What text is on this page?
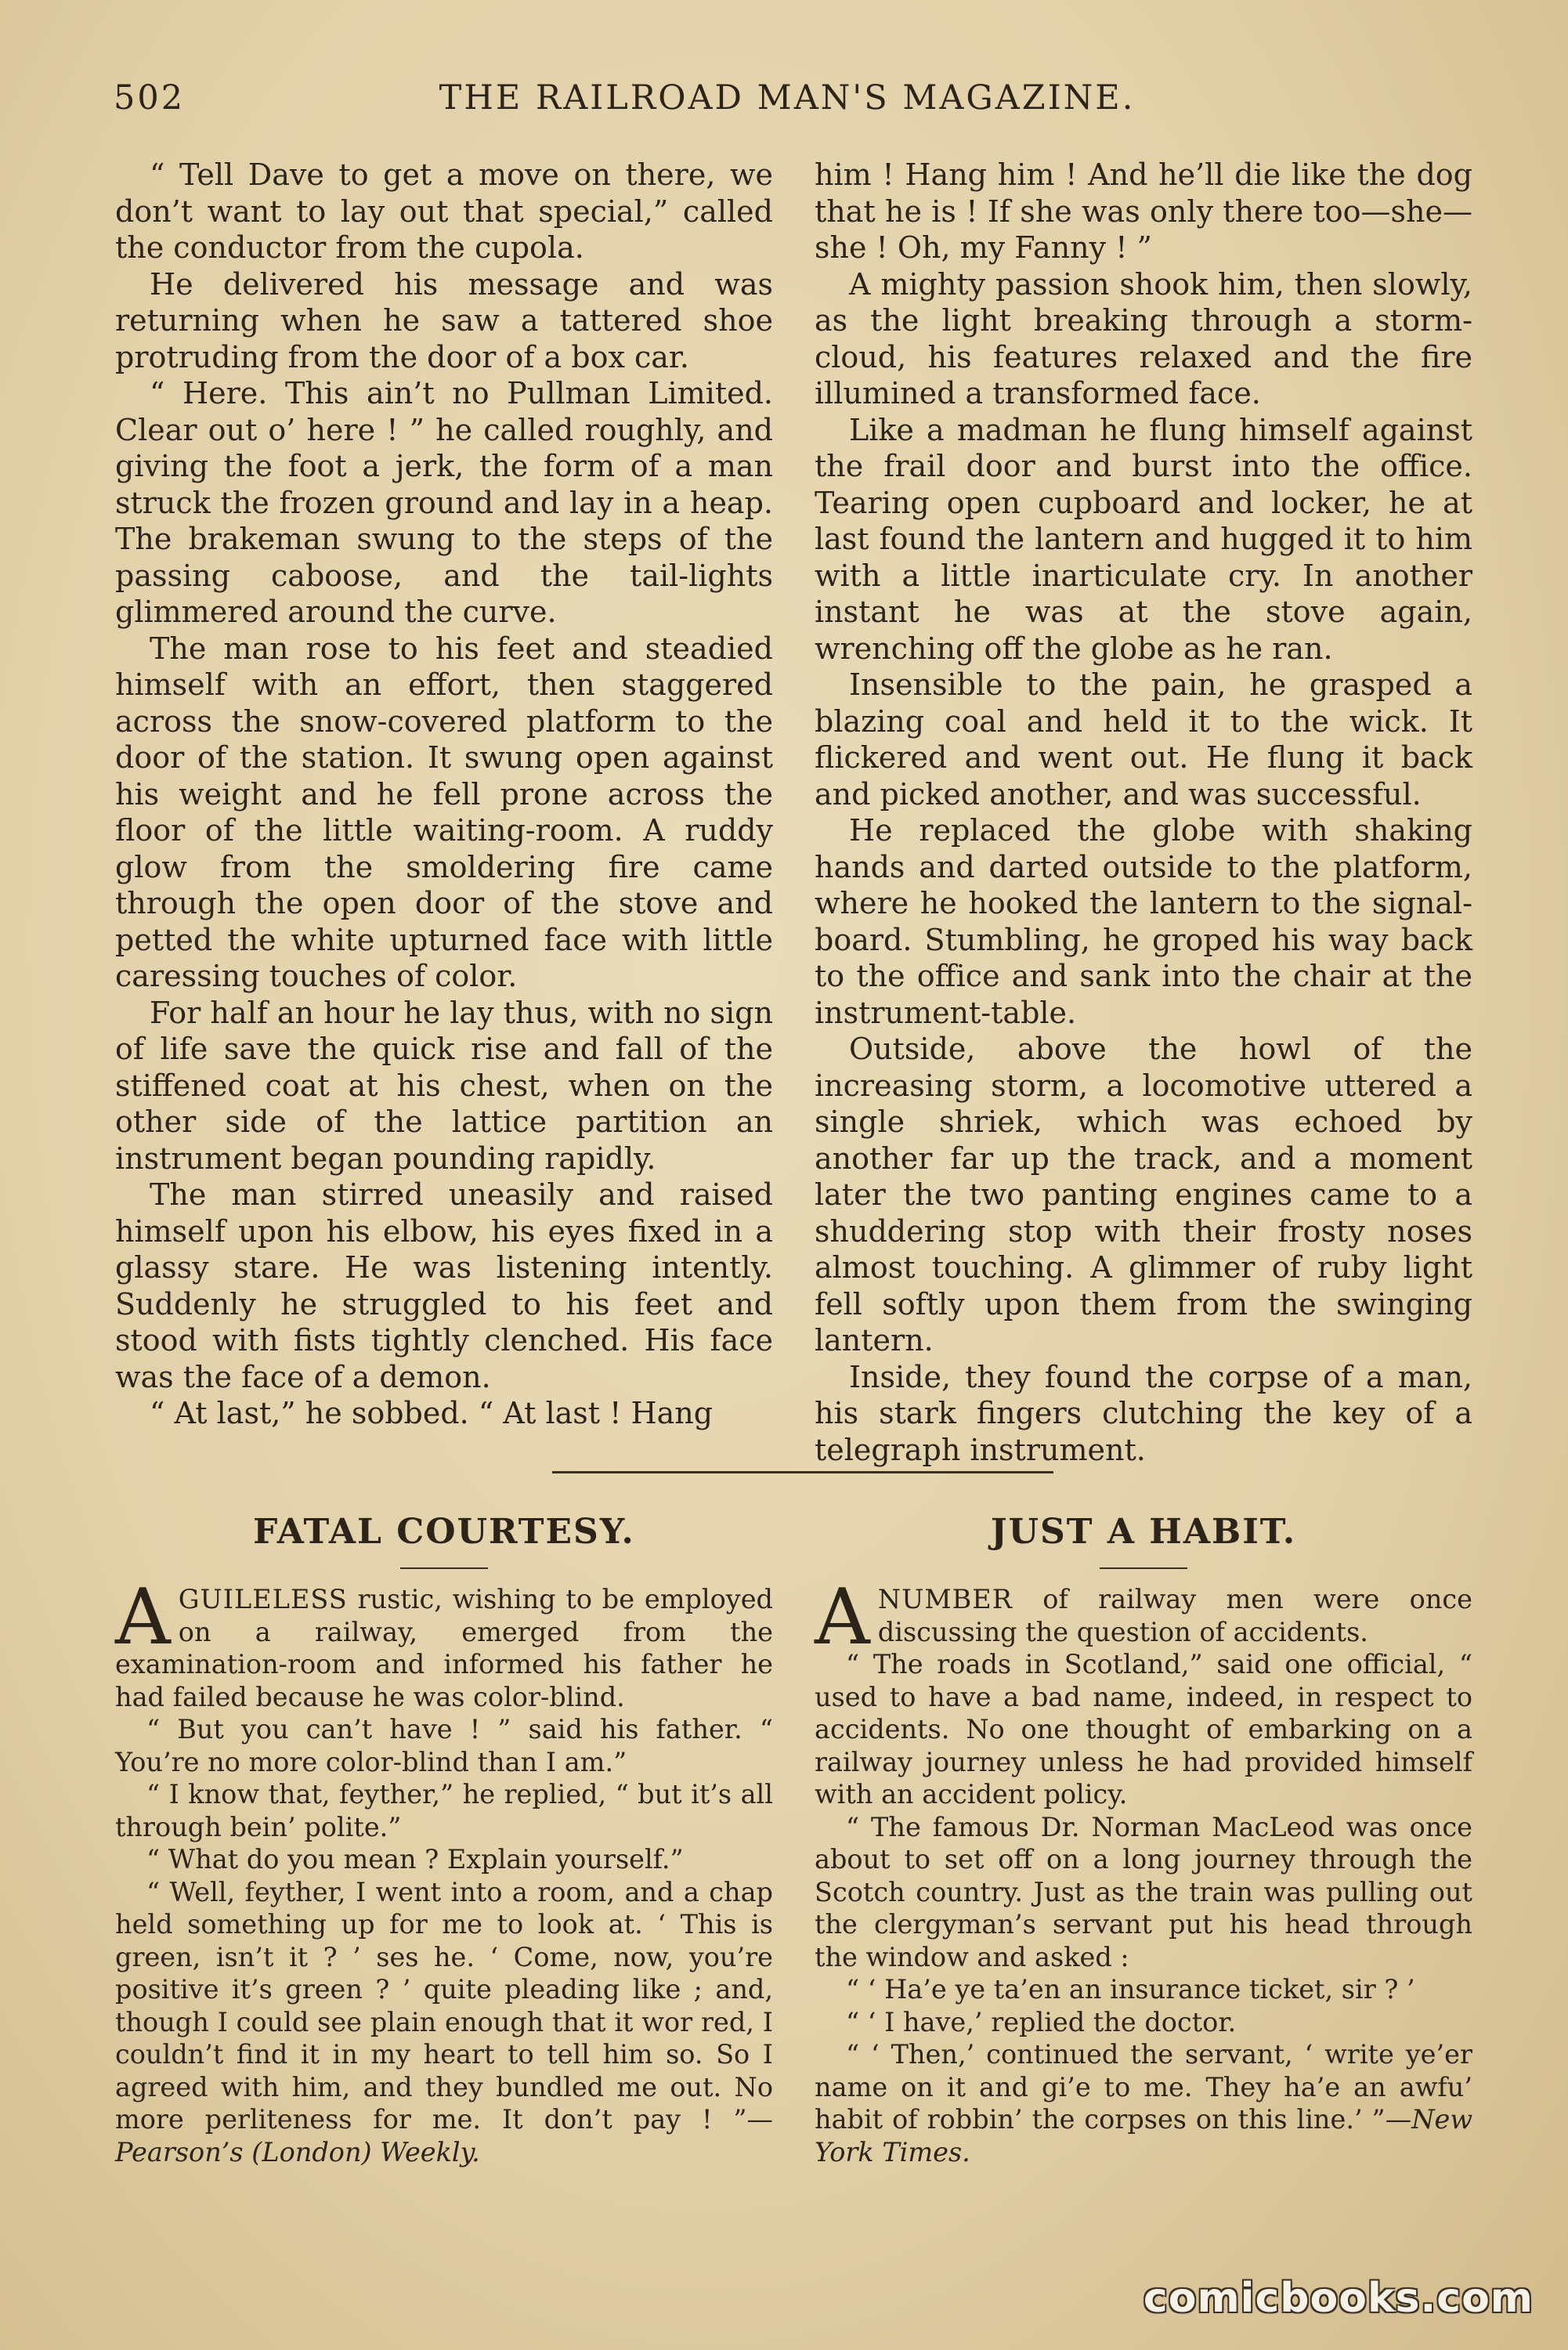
502	THE RAILROAD MAN'S MAGAZINE.

“ Tell Dave to get a move on there, we don’t want to lay out that special,” called the conductor from the cupola.

He delivered his message and was returning when he saw a tattered shoe protruding from the door of a box car.

“ Here. This ain’t no Pullman Limited. Clear out o’ here ! ” he called roughly, and giving the foot a jerk, the form of a man struck the frozen ground and lay in a heap. The brakeman swung to the steps of the passing caboose, and the tail-lights glimmered around the curve.

The man rose to his feet and steadied himself with an effort, then staggered across the snow-covered platform to the door of the station. It swung open against his weight and he fell prone across the floor of the little waiting-room. A ruddy glow from the smoldering fire came through the open door of the stove and petted the white upturned face with little caressing touches of color.

For half an hour he lay thus, with no sign of life save the quick rise and fall of the stiffened coat at his chest, when on the other side of the lattice partition an instrument began pounding rapidly.

The man stirred uneasily and raised himself upon his elbow, his eyes fixed in a glassy stare. He was listening intently. Suddenly he struggled to his feet and stood with fists tightly clenched. His face was the face of a demon.

“ At last,” he sobbed. “ At last ! Hang

him ! Hang him ! And he’ll die like the dog that he is ! If she was only there too—she—she ! Oh, my Fanny ! ”

A mighty passion shook him, then slowly, as the light breaking through a storm-cloud, his features relaxed and the fire illumined a transformed face.

Like a madman he flung himself against the frail door and burst into the office. Tearing open cupboard and locker, he at last found the lantern and hugged it to him with a little inarticulate cry. In another instant he was at the stove again, wrenching off the globe as he ran.

Insensible to the pain, he grasped a blazing coal and held it to the wick. It flickered and went out. He flung it back and picked another, and was successful.

He replaced the globe with shaking hands and darted outside to the platform, where he hooked the lantern to the signal-board. Stumbling, he groped his way back to the office and sank into the chair at the instrument-table.

Outside, above the howl of the increasing storm, a locomotive uttered a single shriek, which was echoed by another far up the track, and a moment later the two panting engines came to a shuddering stop with their frosty noses almost touching. A glimmer of ruby light fell softly upon them from the swinging lantern.

Inside, they found the corpse of a man, his stark fingers clutching the key of a telegraph instrument.

FATAL COURTESY.

AGUILELESS rustic, wishing to be employed on a railway, emerged from the examination-room and informed his father he had failed because he was color-blind.

“ But you can’t have ! ” said his father. “ You’re no more color-blind than I am.”

“ I know that, feyther,” he replied, “ but it’s all through bein’ polite.”

“ What do you mean ? Explain yourself.”

“ Well, feyther, I went into a room, and a chap held something up for me to look at. ‘ This is green, isn’t it ? ’ ses he. ‘ Come, now, you’re positive it’s green ? ’ quite pleading like ; and, though I could see plain enough that it wor red, I couldn’t find it in my heart to tell him so. So I agreed with him, and they bundled me out. No more perliteness for me. It don’t pay ! ”—Pearson’s (London) Weekly.

JUST A HABIT.

ANUMBER of railway men were once discussing the question of accidents.

“ The roads in Scotland,” said one official, “ used to have a bad name, indeed, in respect to accidents. No one thought of embarking on a railway journey unless he had provided himself with an accident policy.

“ The famous Dr. Norman MacLeod was once about to set off on a long journey through the Scotch country. Just as the train was pulling out the clergyman’s servant put his head through the window and asked :

“ ‘ Ha’e ye ta’en an insurance ticket, sir ? ’

“ ‘ I have,’ replied the doctor.

“ ‘ Then,’ continued the servant, ‘ write ye’er name on it and gi’e to me. They ha’e an awfu’ habit of robbin’ the corpses on this line.’ ”—New York Times.

comicbooks.com
